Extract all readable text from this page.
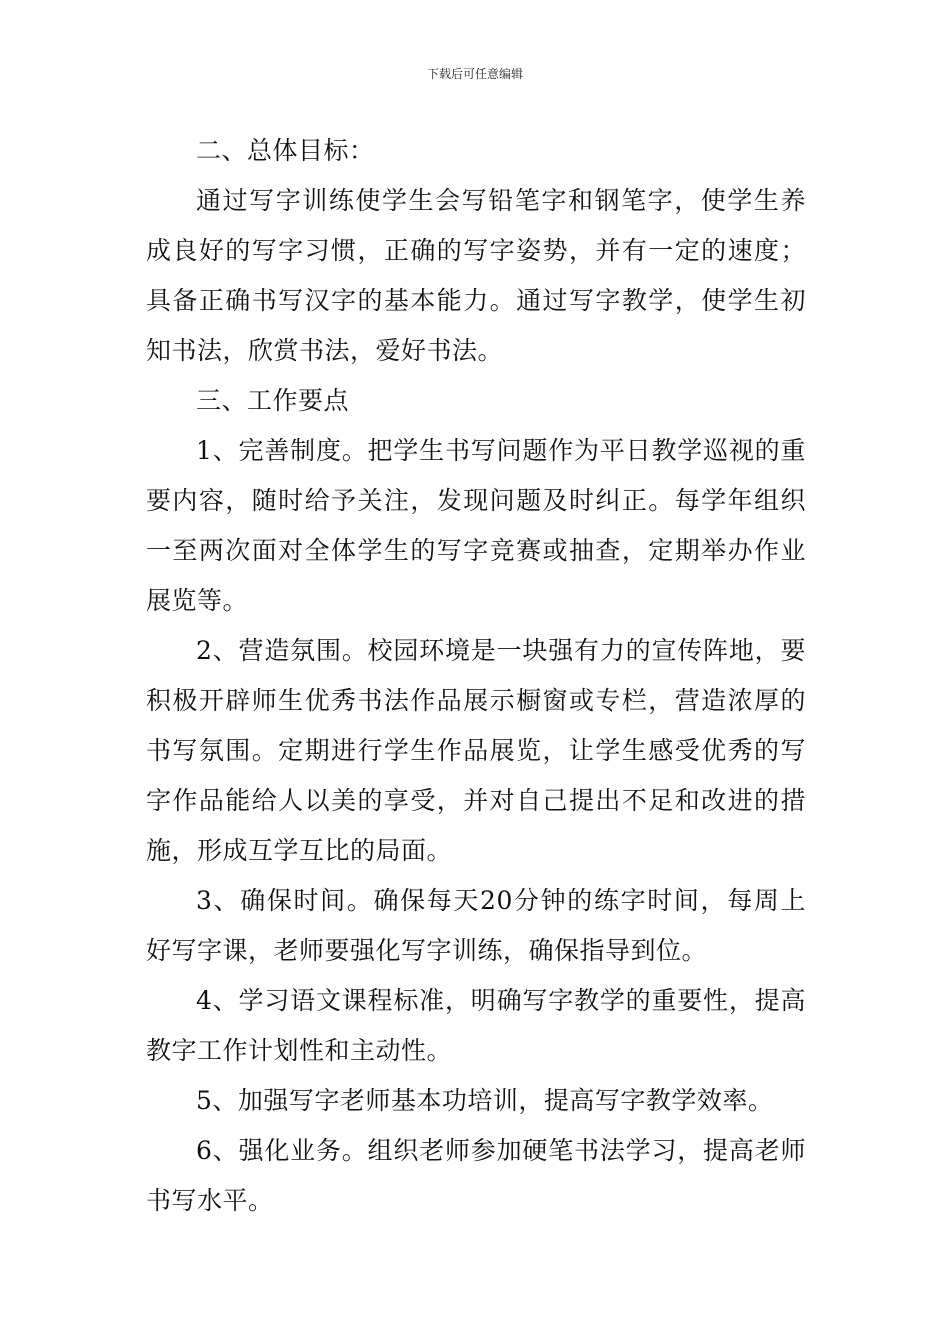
下载后可任意编辑

二、总体目标：

通过写字训练使学生会写铅笔字和钢笔字，使学生养成良好的写字习惯，正确的写字姿势，并有一定的速度；具备正确书写汉字的基本能力。通过写字教学，使学生初知书法，欣赏书法，爱好书法。

三、工作要点

1、完善制度。把学生书写问题作为平日教学巡视的重要内容，随时给予关注，发现问题及时纠正。每学年组织一至两次面对全体学生的写字竞赛或抽查，定期举办作业展览等。

2、营造氛围。校园环境是一块强有力的宣传阵地，要积极开辟师生优秀书法作品展示橱窗或专栏，营造浓厚的书写氛围。定期进行学生作品展览，让学生感受优秀的写字作品能给人以美的享受，并对自己提出不足和改进的措施，形成互学互比的局面。

3、确保时间。确保每天20分钟的练字时间，每周上好写字课，老师要强化写字训练，确保指导到位。

4、学习语文课程标准，明确写字教学的重要性，提高教字工作计划性和主动性。

5、加强写字老师基本功培训，提高写字教学效率。

6、强化业务。组织老师参加硬笔书法学习，提高老师书写水平。
